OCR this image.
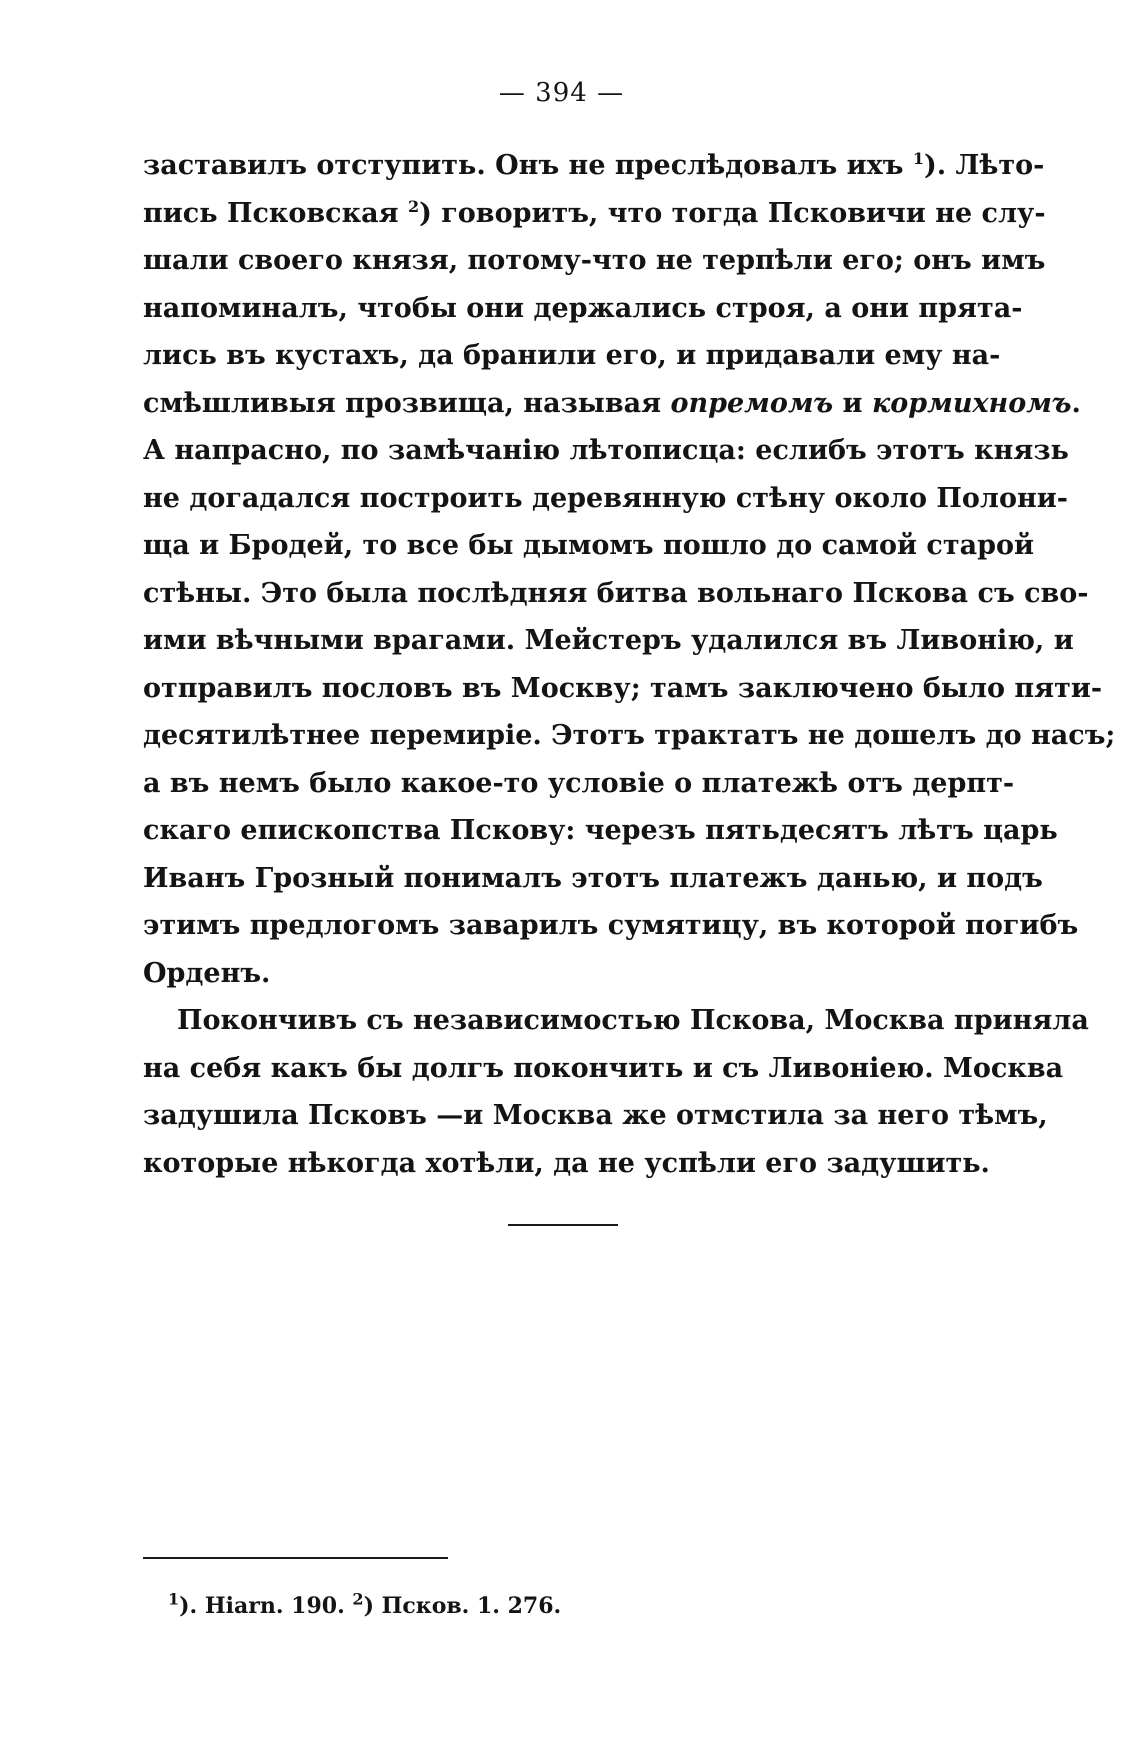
— 394 —
заставилъ отступить. Онъ не преслѣдовалъ ихъ $^1$). Лѣто-
пись Псковская $^2$) говоритъ, что тогда Псковичи не слу-
шали своего князя, потому-что не терпѣли его; онъ имъ
напоминалъ, чтобы они держались строя, а они прята-
лись въ кустахъ, да бранили его, и придавали ему на-
смѣшливыя прозвища, называя опремомъ и кормихномъ.
А напрасно, по замѣчанію лѣтописца: еслибъ этотъ князь
не догадался построить деревянную стѣну около Полони-
ща и Бродей, то все бы дымомъ пошло до самой старой
стѣны. Это была послѣдняя битва вольнаго Пскова съ сво-
ими вѣчными врагами. Мейстеръ удалился въ Ливонію, и
отправилъ пословъ въ Москву; тамъ заключено было пяти-
десятилѣтнее перемиріе. Этотъ трактатъ не дошелъ до насъ;
а въ немъ было какое-то условіе о платежѣ отъ дерпт-
скаго епископства Пскову: черезъ пятьдесятъ лѣтъ царь
Иванъ Грозный понималъ этотъ платежъ данью, и подъ
этимъ предлогомъ заварилъ сумятицу, въ которой погибъ
Орденъ.
Покончивъ съ независимостью Пскова, Москва приняла
на себя какъ бы долгъ покончить и съ Ливоніею. Москва
задушила Псковъ —и Москва же отмстила за него тѣмъ,
которые нѣкогда хотѣли, да не успѣли его задушить.
$^1$). Hiarn. 190. $^2$) Псков. 1. 276.
